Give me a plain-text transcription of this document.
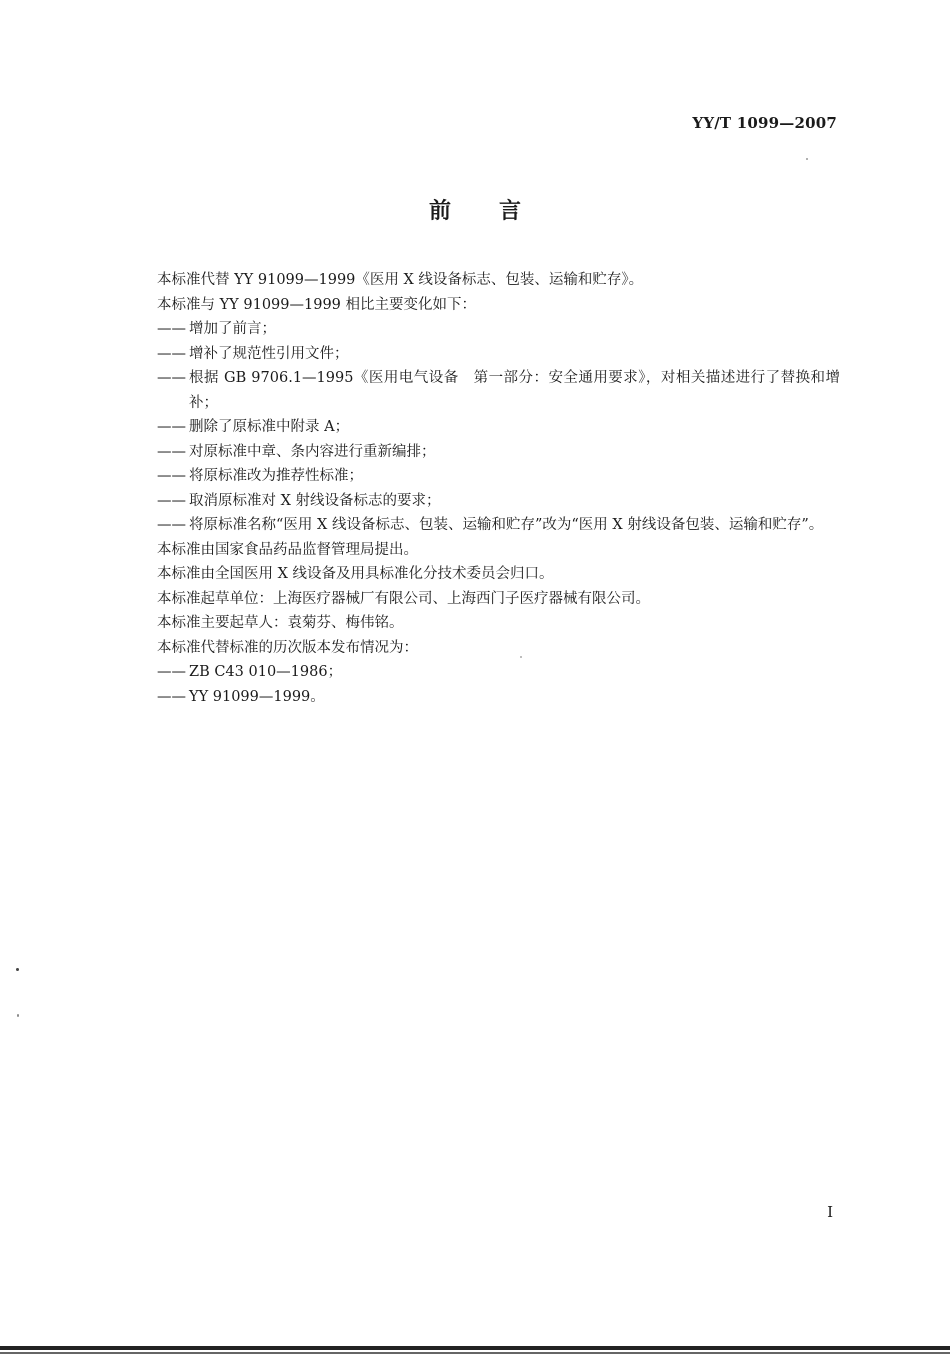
YY/T 1099—2007
前言
本标准代替 YY 91099—1999《医用 X 线设备标志、包装、运输和贮存》。
本标准与 YY 91099—1999 相比主要变化如下：
—— 增加了前言；
—— 增补了规范性引用文件；
—— 根据 GB 9706.1—1995《医用电气设备　第一部分：安全通用要求》，对相关描述进行了替换和增补；
—— 删除了原标准中附录 A；
—— 对原标准中章、条内容进行重新编排；
—— 将原标准改为推荐性标准；
—— 取消原标准对 X 射线设备标志的要求；
—— 将原标准名称“医用 X 线设备标志、包装、运输和贮存”改为“医用 X 射线设备包装、运输和贮存”。
本标准由国家食品药品监督管理局提出。
本标准由全国医用 X 线设备及用具标准化分技术委员会归口。
本标准起草单位：上海医疗器械厂有限公司、上海西门子医疗器械有限公司。
本标准主要起草人：袁菊芬、梅伟铭。
本标准代替标准的历次版本发布情况为：
—— ZB C43 010—1986；
—— YY 91099—1999。
I
